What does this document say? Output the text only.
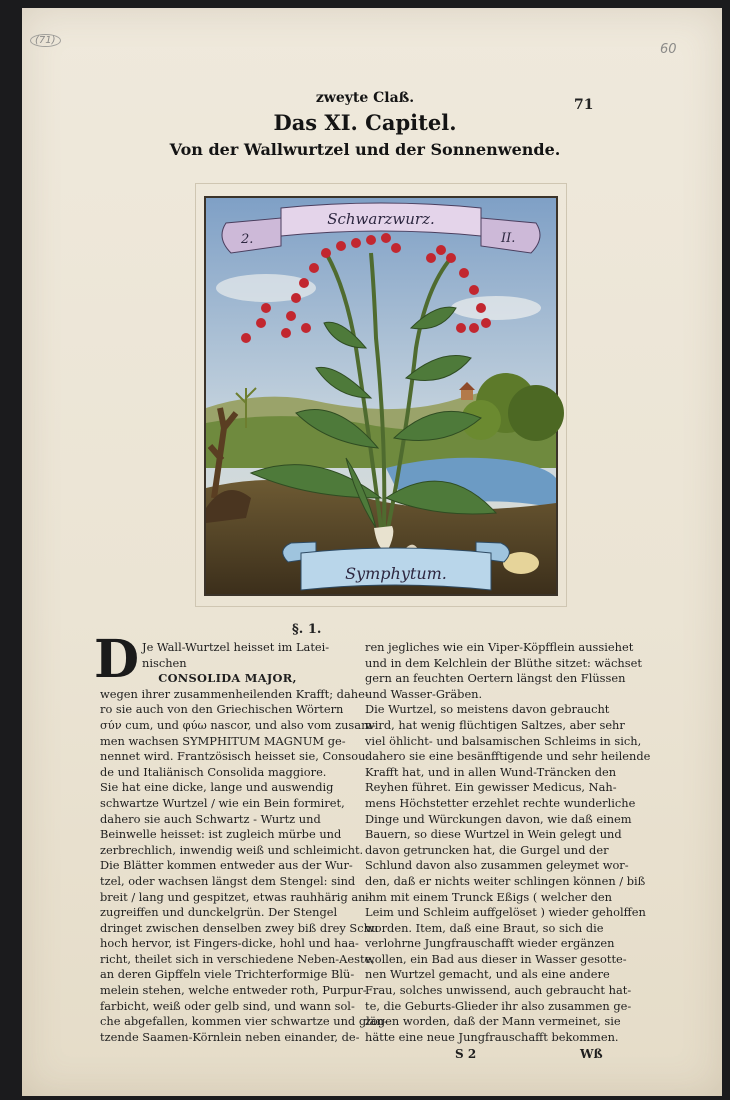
(71)
60
71
zweyte Claß.
Das XI. Capitel.
Von der Wallwurtzel und der Sonnenwende.
2.
Schwarzwurz.
II.
Symphytum.
§. 1.
D Je Wall-Wurtzel heisset im Latei-
nischen
CONSOLIDA MAJOR,
wegen ihrer zusammenheilenden Krafft; dahe-
ro sie auch von den Griechischen Wörtern
σύν cum, und φύω nascor, und also vom zusam-
men wachsen SYMPHITUM MAGNUM ge-
nennet wird. Frantzösisch heisset sie, Consou-
de und Italiänisch Consolida maggiore.
Sie hat eine dicke, lange und auswendig
schwartze Wurtzel / wie ein Bein formiret,
dahero sie auch Schwartz - Wurtz und
Beinwelle heisset: ist zugleich mürbe und
zerbrechlich, inwendig weiß und schleimicht.
Die Blätter kommen entweder aus der Wur-
tzel, oder wachsen längst dem Stengel: sind
breit / lang und gespitzet, etwas rauhhärig an-
zugreiffen und dunckelgrün. Der Stengel
dringet zwischen denselben zwey biß drey Schu
hoch hervor, ist Fingers-dicke, hohl und haa-
richt, theilet sich in verschiedene Neben-Aeste,
an deren Gipffeln viele Trichterformige Blü-
melein stehen, welche entweder roth, Purpur-
farbicht, weiß oder gelb sind, und wann sol-
che abgefallen, kommen vier schwartze und glän-
tzende Saamen-Körnlein neben einander, de-
ren jegliches wie ein Viper-Köpfflein aussiehet
und in dem Kelchlein der Blüthe sitzet: wächset
gern an feuchten Oertern längst den Flüssen
und Wasser-Gräben.
Die Wurtzel, so meistens davon gebraucht
wird, hat wenig flüchtigen Saltzes, aber sehr
viel öhlicht- und balsamischen Schleims in sich,
dahero sie eine besänfftigende und sehr heilende
Krafft hat, und in allen Wund-Träncken den
Reyhen führet. Ein gewisser Medicus, Nah-
mens Höchstetter erzehlet rechte wunderliche
Dinge und Würckungen davon, wie daß einem
Bauern, so diese Wurtzel in Wein gelegt und
davon getruncken hat, die Gurgel und der
Schlund davon also zusammen geleymet wor-
den, daß er nichts weiter schlingen können / biß
ihm mit einem Trunck Eßigs ( welcher den
Leim und Schleim auffgelöset ) wieder geholffen
worden. Item, daß eine Braut, so sich die
verlohrne Jungfrauschafft wieder ergänzen
wollen, ein Bad aus dieser in Wasser gesotte-
nen Wurtzel gemacht, und als eine andere
Frau, solches unwissend, auch gebraucht hat-
te, die Geburts-Glieder ihr also zusammen ge-
zogen worden, daß der Mann vermeinet, sie
hätte eine neue Jungfrauschafft bekommen.
S 2	Wß
